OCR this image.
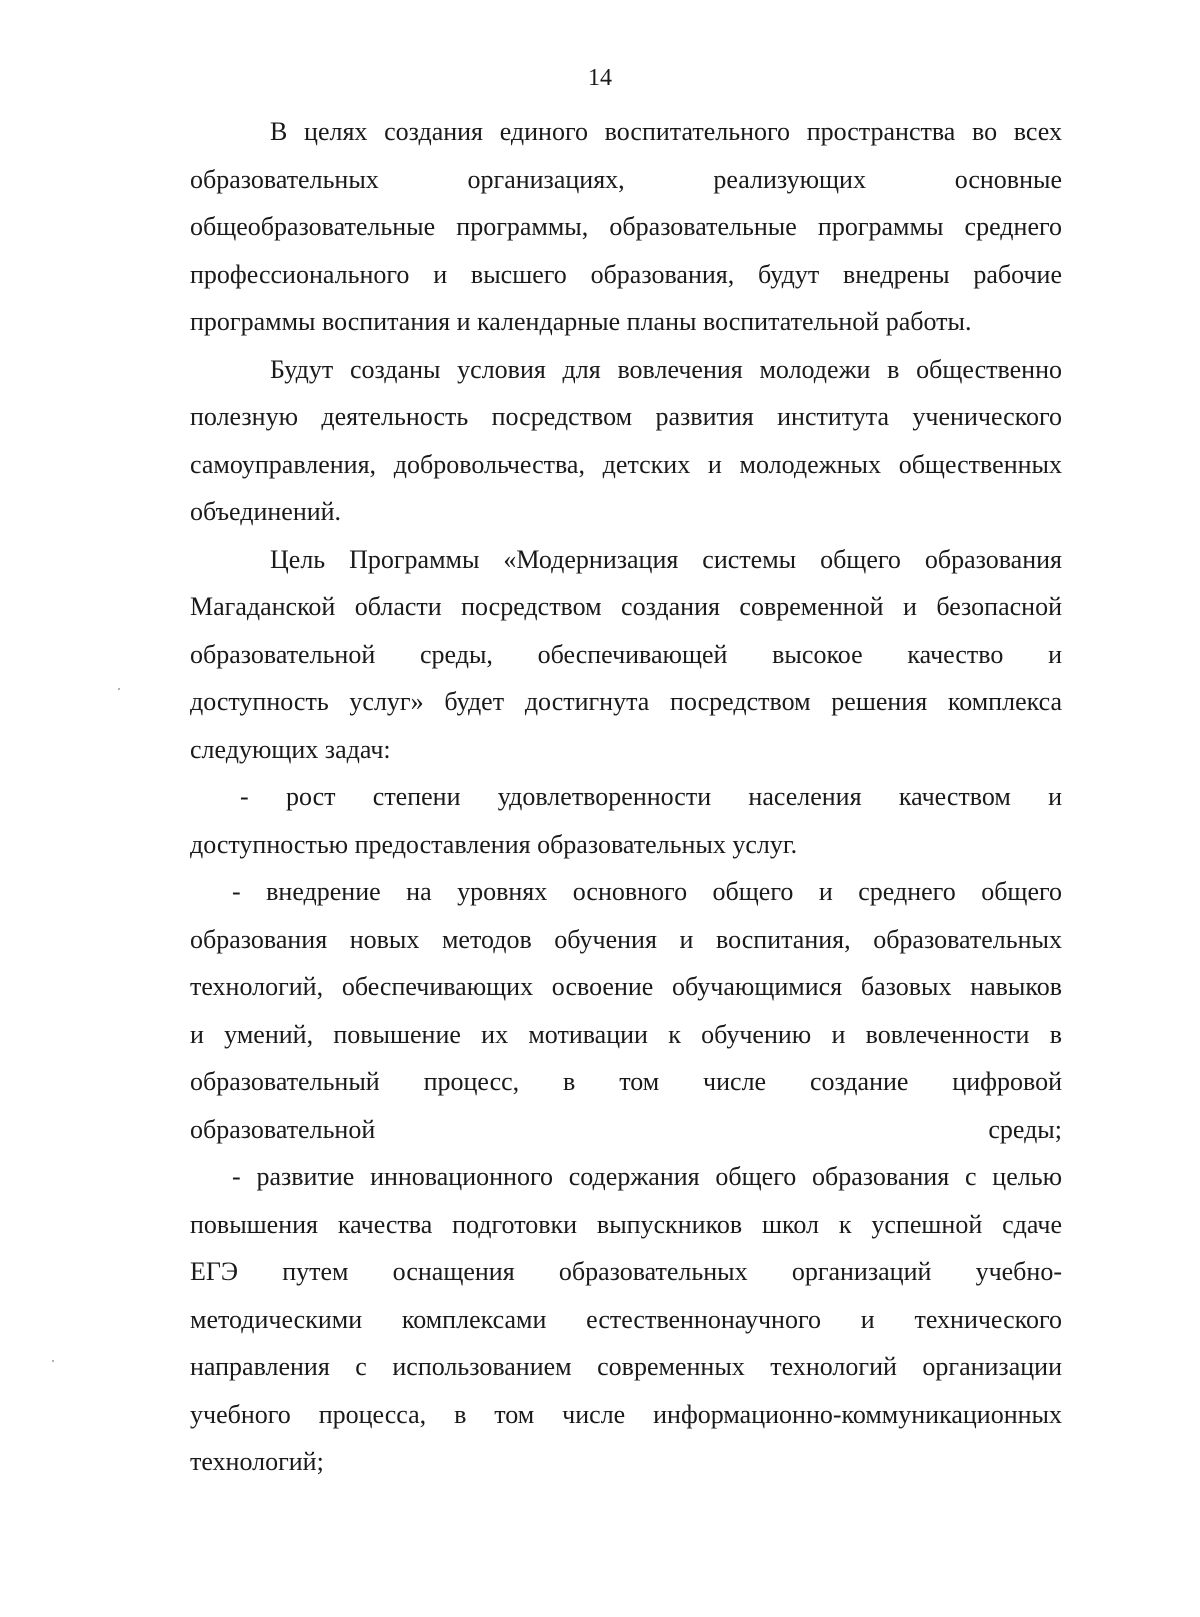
14
В целях создания единого воспитательного пространства во всех
образовательных организациях, реализующих основные
общеобразовательные программы, образовательные программы среднего
профессионального и высшего образования, будут внедрены рабочие
программы воспитания и календарные планы воспитательной работы.
Будут созданы условия для вовлечения молодежи в общественно
полезную деятельность посредством развития института ученического
самоуправления, добровольчества, детских и молодежных общественных
объединений.
Цель Программы «Модернизация системы общего образования
Магаданской области посредством создания современной и безопасной
образовательной среды, обеспечивающей высокое качество и
доступность услуг» будет достигнута посредством решения комплекса
следующих задач:
- рост степени удовлетворенности населения качеством и
доступностью предоставления образовательных услуг.
- внедрение на уровнях основного общего и среднего общего
образования новых методов обучения и воспитания, образовательных
технологий, обеспечивающих освоение обучающимися базовых навыков
и умений, повышение их мотивации к обучению и вовлеченности в
образовательный процесс, в том числе создание цифровой
образовательной среды;
- развитие инновационного содержания общего образования с целью
повышения качества подготовки выпускников школ к успешной сдаче
ЕГЭ путем оснащения образовательных организаций учебно-
методическими комплексами естественнонаучного и технического
направления с использованием современных технологий организации
учебного процесса, в том числе информационно-коммуникационных
технологий;
